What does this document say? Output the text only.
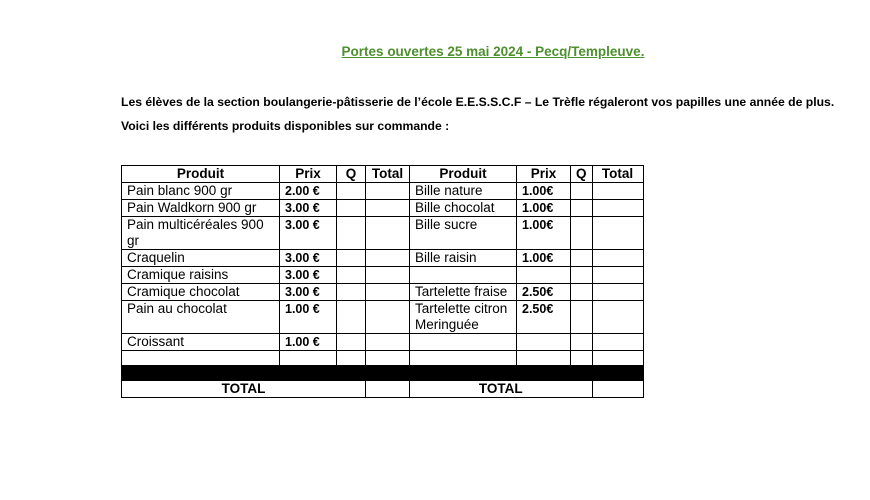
Portes ouvertes 25 mai 2024 - Pecq/Templeuve.
Les élèves de la section boulangerie-pâtisserie de l’école E.E.S.S.C.F – Le Trèfle régaleront vos papilles une année de plus.
Voici les différents produits disponibles sur commande :
Produit	Prix	Q	Total	Produit	Prix	Q	Total
Pain blanc 900 gr	2.00 €			Bille nature	1.00€		
Pain Waldkorn 900 gr	3.00 €			Bille chocolat	1.00€		
Pain multicéréales 900 gr	3.00 €			Bille sucre	1.00€		
Craquelin	3.00 €			Bille raisin	1.00€		
Cramique raisins	3.00 €						
Cramique chocolat	3.00 €			Tartelette fraise	2.50€		
Pain au chocolat	1.00 €			Tartelette citron Meringuée	2.50€		
Croissant	1.00 €						

TOTAL				TOTAL			
